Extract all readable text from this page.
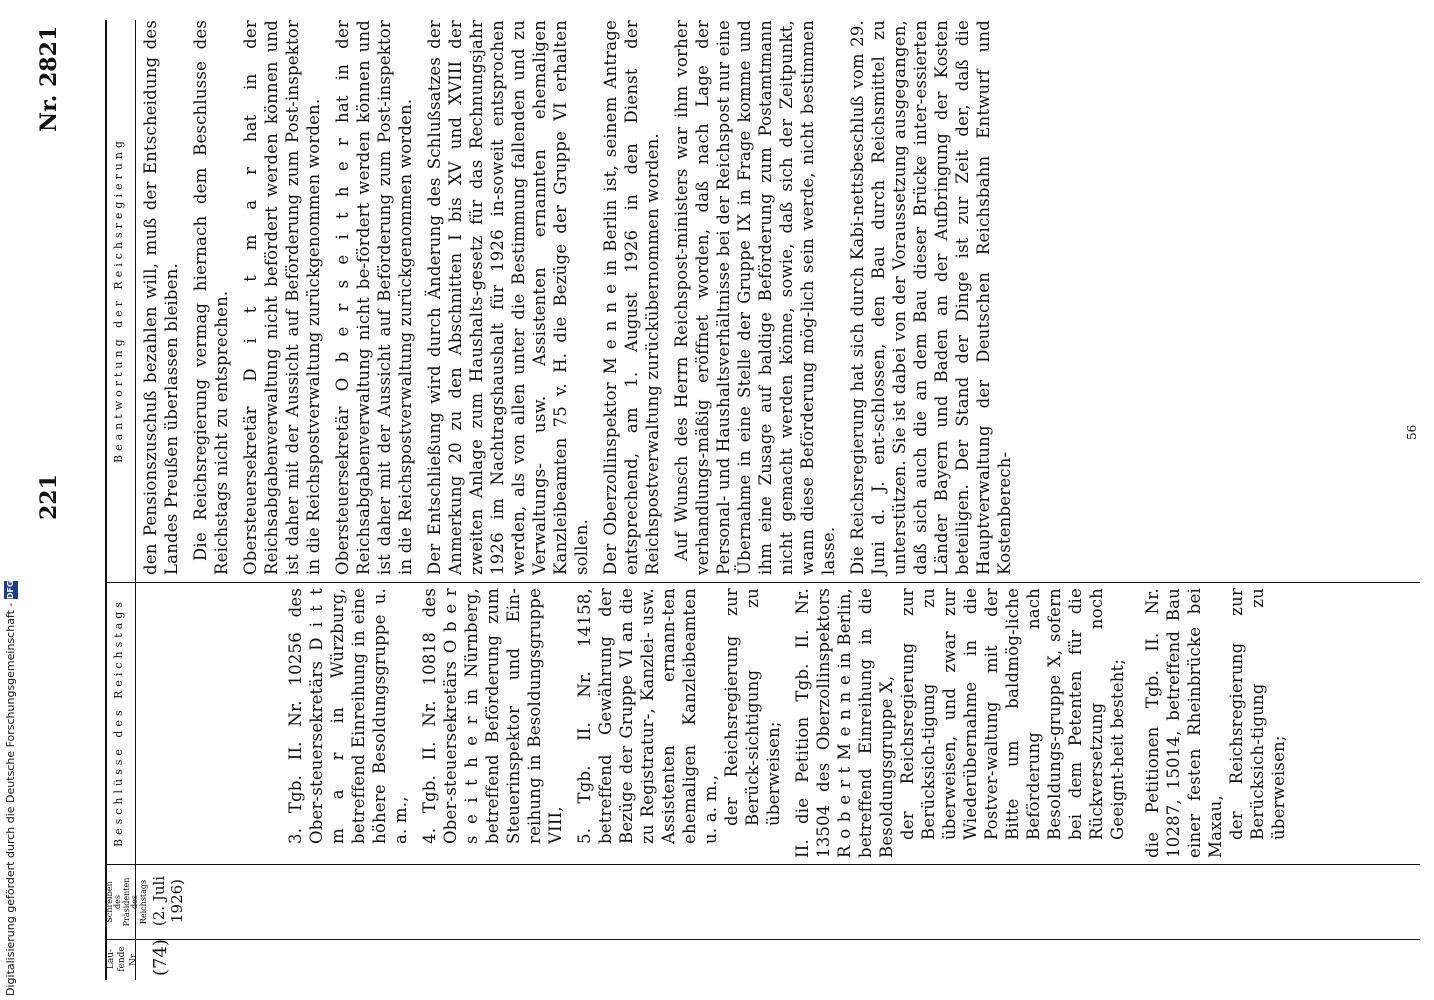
221
Nr. 2821
Lau-
fende
Nr.
Schreiben
des
Präsidenten
des
Reichstags
Beschlüsse des Reichstags
Beantwortung der Reichsregierung
(74)
(2. Juli 1926)
3. Tgb. II. Nr. 10256 des Ober-steuersekretärs D i t t m a r in Würzburg, betreffend Einreihung in eine höhere Besoldungsgruppe u. a. m., 4. Tgb. II. Nr. 10818 des Ober-steuersekretärs O b e r s e i t h e r in Nürnberg, betreffend Beförderung zum Steuerinspektor und Ein-reihung in Besoldungsgruppe VIII, 5. Tgb. II. Nr. 14158, betreffend Gewährung der Bezüge der Gruppe VI an die zu Registratur-, Kanzlei- usw. Assistenten ernann-ten ehemaligen Kanzleibeamten u. a. m., der Reichsregierung zur Berück-sichtigung zu überweisen; II. die Petition Tgb. II. Nr. 13504 des Oberzollinspektors R o b e r t M e n n e in Berlin, betreffend Einreihung in die Besoldungsgruppe X, der Reichsregierung zur Berücksich-tigung zu überweisen, und zwar zur Wiederübernahme in die Postver-waltung mit der Bitte um baldmög-liche Beförderung nach Besoldungs-gruppe X, sofern bei dem Petenten für die Rückversetzung noch Geeignt-heit besteht; die Petitionen Tgb. II. Nr. 10287, 15014, betreffend Bau einer festen Rheinbrücke bei Maxau, der Reichsregierung zur Berücksich-tigung zu überweisen;

den Pensionszuschuß bezahlen will, muß der Entscheidung des Landes Preußen überlassen bleiben. Die Reichsregierung vermag hiernach dem Beschlusse des Reichstags nicht zu entsprechen. Obersteuersekretär D i t t m a r hat in der Reichsabgabenverwaltung nicht befördert werden können und ist daher mit der Aussicht auf Beförderung zum Post-inspektor in die Reichspostverwaltung zurückgenommen worden. Obersteuersekretär O b e r s e i t h e r hat in der Reichsabgabenverwaltung nicht be-fördert werden können und ist daher mit der Aussicht auf Beförderung zum Post-inspektor in die Reichspostverwaltung zurückgenommen worden. Der Entschließung wird durch Änderung des Schlußsatzes der Anmerkung 20 zu den Abschnitten I bis XV und XVIII der zweiten Anlage zum Haushalts-gesetz für das Rechnungsjahr 1926 im Nachtragshaushalt für 1926 in-soweit entsprochen werden, als von allen unter die Bestimmung fallenden und zu Verwaltungs- usw. Assistenten ernannten ehemaligen Kanzleibeamten 75 v. H. die Bezüge der Gruppe VI erhalten sollen. Der Oberzollinspektor M e n n e in Berlin ist, seinem Antrage entsprechend, am 1. August 1926 in den Dienst der Reichspostverwaltung zurückübernommen worden. Auf Wunsch des Herrn Reichspost-ministers war ihm vorher verhandlungs-mäßig eröffnet worden, daß nach Lage der Personal- und Haushaltsverhältnisse bei der Reichspost nur eine Übernahme in eine Stelle der Gruppe IX in Frage komme und ihm eine Zusage auf baldige Beförderung zum Postamtmann nicht gemacht werden könne, sowie, daß sich der Zeitpunkt, wann diese Beförderung mög-lich sein werde, nicht bestimmen lasse. Die Reichsregierung hat sich durch Kabi-nettsbeschluß vom 29. Juni d. J. ent-schlossen, den Bau durch Reichsmittel zu unterstützen. Sie ist dabei von der Voraussetzung ausgegangen, daß sich auch die an dem Bau dieser Brücke inter-essierten Länder Bayern und Baden an der Aufbringung der Kosten beteiligen. Der Stand der Dinge ist zur Zeit der, daß die Hauptverwaltung der Deutschen Reichsbahn Entwurf und Kostenberech-

56
Digitalisierung gefördert durch die Deutsche Forschungsgemeinschaft - DFG
